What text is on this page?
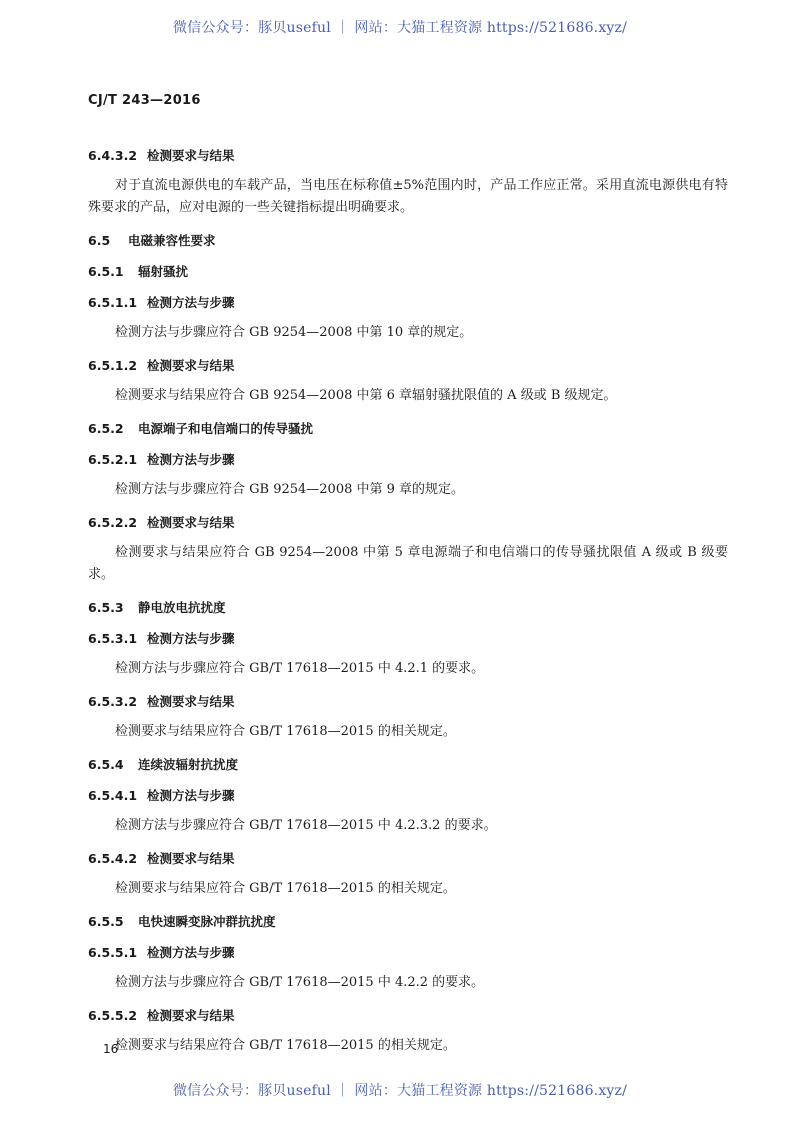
微信公众号：豚贝useful ｜ 网站：大猫工程资源 https://521686.xyz/
CJ/T 243—2016
6.4.3.2 检测要求与结果
对于直流电源供电的车载产品，当电压在标称值±5%范围内时，产品工作应正常。采用直流电源供电有特殊要求的产品，应对电源的一些关键指标提出明确要求。
6.5 电磁兼容性要求
6.5.1 辐射骚扰
6.5.1.1 检测方法与步骤
检测方法与步骤应符合 GB 9254—2008 中第 10 章的规定。
6.5.1.2 检测要求与结果
检测要求与结果应符合 GB 9254—2008 中第 6 章辐射骚扰限值的 A 级或 B 级规定。
6.5.2 电源端子和电信端口的传导骚扰
6.5.2.1 检测方法与步骤
检测方法与步骤应符合 GB 9254—2008 中第 9 章的规定。
6.5.2.2 检测要求与结果
检测要求与结果应符合 GB 9254—2008 中第 5 章电源端子和电信端口的传导骚扰限值 A 级或 B 级要求。
6.5.3 静电放电抗扰度
6.5.3.1 检测方法与步骤
检测方法与步骤应符合 GB/T 17618—2015 中 4.2.1 的要求。
6.5.3.2 检测要求与结果
检测要求与结果应符合 GB/T 17618—2015 的相关规定。
6.5.4 连续波辐射抗扰度
6.5.4.1 检测方法与步骤
检测方法与步骤应符合 GB/T 17618—2015 中 4.2.3.2 的要求。
6.5.4.2 检测要求与结果
检测要求与结果应符合 GB/T 17618—2015 的相关规定。
6.5.5 电快速瞬变脉冲群抗扰度
6.5.5.1 检测方法与步骤
检测方法与步骤应符合 GB/T 17618—2015 中 4.2.2 的要求。
6.5.5.2 检测要求与结果
检测要求与结果应符合 GB/T 17618—2015 的相关规定。
16
微信公众号：豚贝useful ｜ 网站：大猫工程资源 https://521686.xyz/
